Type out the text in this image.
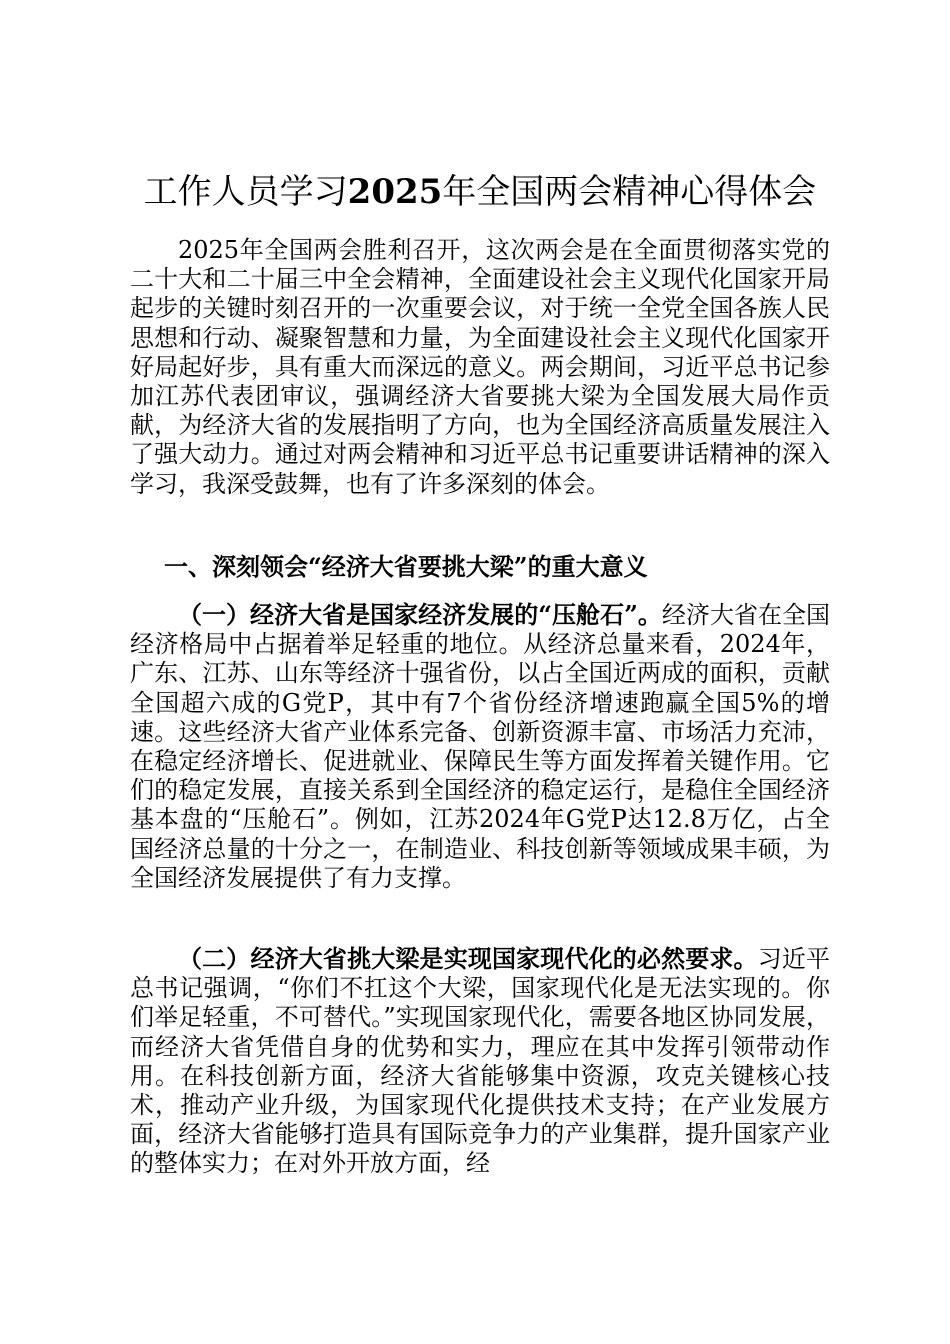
工作人员学习2025年全国两会精神心得体会

2025年全国两会胜利召开，这次两会是在全面贯彻落实党的二十大和二十届三中全会精神，全面建设社会主义现代化国家开局起步的关键时刻召开的一次重要会议，对于统一全党全国各族人民思想和行动、凝聚智慧和力量，为全面建设社会主义现代化国家开好局起好步，具有重大而深远的意义。两会期间，习近平总书记参加江苏代表团审议，强调经济大省要挑大梁为全国发展大局作贡献，为经济大省的发展指明了方向，也为全国经济高质量发展注入了强大动力。通过对两会精神和习近平总书记重要讲话精神的深入学习，我深受鼓舞，也有了许多深刻的体会。

一、深刻领会“经济大省要挑大梁”的重大意义

（一）经济大省是国家经济发展的“压舱石”。经济大省在全国经济格局中占据着举足轻重的地位。从经济总量来看，2024年，广东、江苏、山东等经济十强省份，以占全国近两成的面积，贡献全国超六成的G党P，其中有7个省份经济增速跑赢全国5%的增速。这些经济大省产业体系完备、创新资源丰富、市场活力充沛，在稳定经济增长、促进就业、保障民生等方面发挥着关键作用。它们的稳定发展，直接关系到全国经济的稳定运行，是稳住全国经济基本盘的“压舱石”。例如，江苏2024年G党P达12.8万亿，占全国经济总量的十分之一，在制造业、科技创新等领域成果丰硕，为全国经济发展提供了有力支撑。

（二）经济大省挑大梁是实现国家现代化的必然要求。习近平总书记强调，“你们不扛这个大梁，国家现代化是无法实现的。你们举足轻重，不可替代。”实现国家现代化，需要各地区协同发展，而经济大省凭借自身的优势和实力，理应在其中发挥引领带动作用。在科技创新方面，经济大省能够集中资源，攻克关键核心技术，推动产业升级，为国家现代化提供技术支持；在产业发展方面，经济大省能够打造具有国际竞争力的产业集群，提升国家产业的整体实力；在对外开放方面，经
